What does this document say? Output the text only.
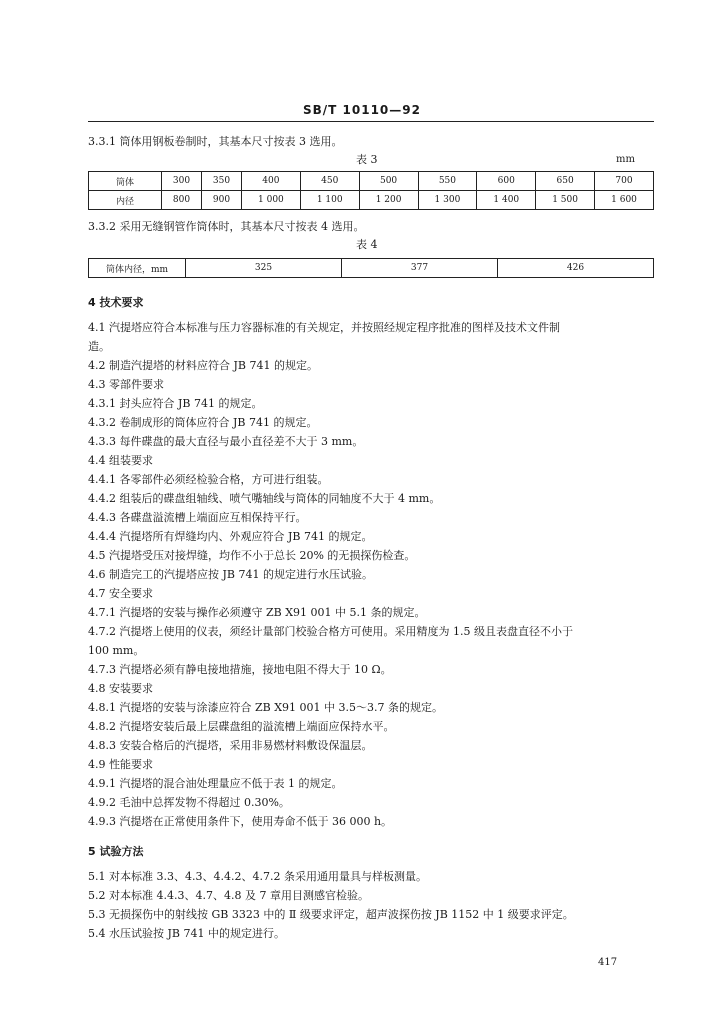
SB/T 10110—92
3.3.1 筒体用钢板卷制时，其基本尺寸按表 3 选用。
表 3	mm
筒体	300	350	400	450	500	550	600	650	700
内径	800	900	1 000	1 100	1 200	1 300	1 400	1 500	1 600
3.3.2 采用无缝钢管作筒体时，其基本尺寸按表 4 选用。
表 4
筒体内径，mm	325	377	426
4 技术要求
4.1 汽提塔应符合本标准与压力容器标准的有关规定，并按照经规定程序批准的图样及技术文件制
造。
4.2 制造汽提塔的材料应符合 JB 741 的规定。
4.3 零部件要求
4.3.1 封头应符合 JB 741 的规定。
4.3.2 卷制成形的筒体应符合 JB 741 的规定。
4.3.3 每件碟盘的最大直径与最小直径差不大于 3 mm。
4.4 组装要求
4.4.1 各零部件必须经检验合格，方可进行组装。
4.4.2 组装后的碟盘组轴线、喷气嘴轴线与筒体的同轴度不大于 4 mm。
4.4.3 各碟盘溢流槽上端面应互相保持平行。
4.4.4 汽提塔所有焊缝均内、外观应符合 JB 741 的规定。
4.5 汽提塔受压对接焊缝，均作不小于总长 20% 的无损探伤检查。
4.6 制造完工的汽提塔应按 JB 741 的规定进行水压试验。
4.7 安全要求
4.7.1 汽提塔的安装与操作必须遵守 ZB X91 001 中 5.1 条的规定。
4.7.2 汽提塔上使用的仪表，须经计量部门校验合格方可使用。采用精度为 1.5 级且表盘直径不小于
100 mm。
4.7.3 汽提塔必须有静电接地措施，接地电阻不得大于 10 Ω。
4.8 安装要求
4.8.1 汽提塔的安装与涂漆应符合 ZB X91 001 中 3.5～3.7 条的规定。
4.8.2 汽提塔安装后最上层碟盘组的溢流槽上端面应保持水平。
4.8.3 安装合格后的汽提塔，采用非易燃材料敷设保温层。
4.9 性能要求
4.9.1 汽提塔的混合油处理量应不低于表 1 的规定。
4.9.2 毛油中总挥发物不得超过 0.30%。
4.9.3 汽提塔在正常使用条件下，使用寿命不低于 36 000 h。
5 试验方法
5.1 对本标准 3.3、4.3、4.4.2、4.7.2 条采用通用量具与样板测量。
5.2 对本标准 4.4.3、4.7、4.8 及 7 章用目测感官检验。
5.3 无损探伤中的射线按 GB 3323 中的 Ⅱ 级要求评定，超声波探伤按 JB 1152 中 1 级要求评定。
5.4 水压试验按 JB 741 中的规定进行。
417
